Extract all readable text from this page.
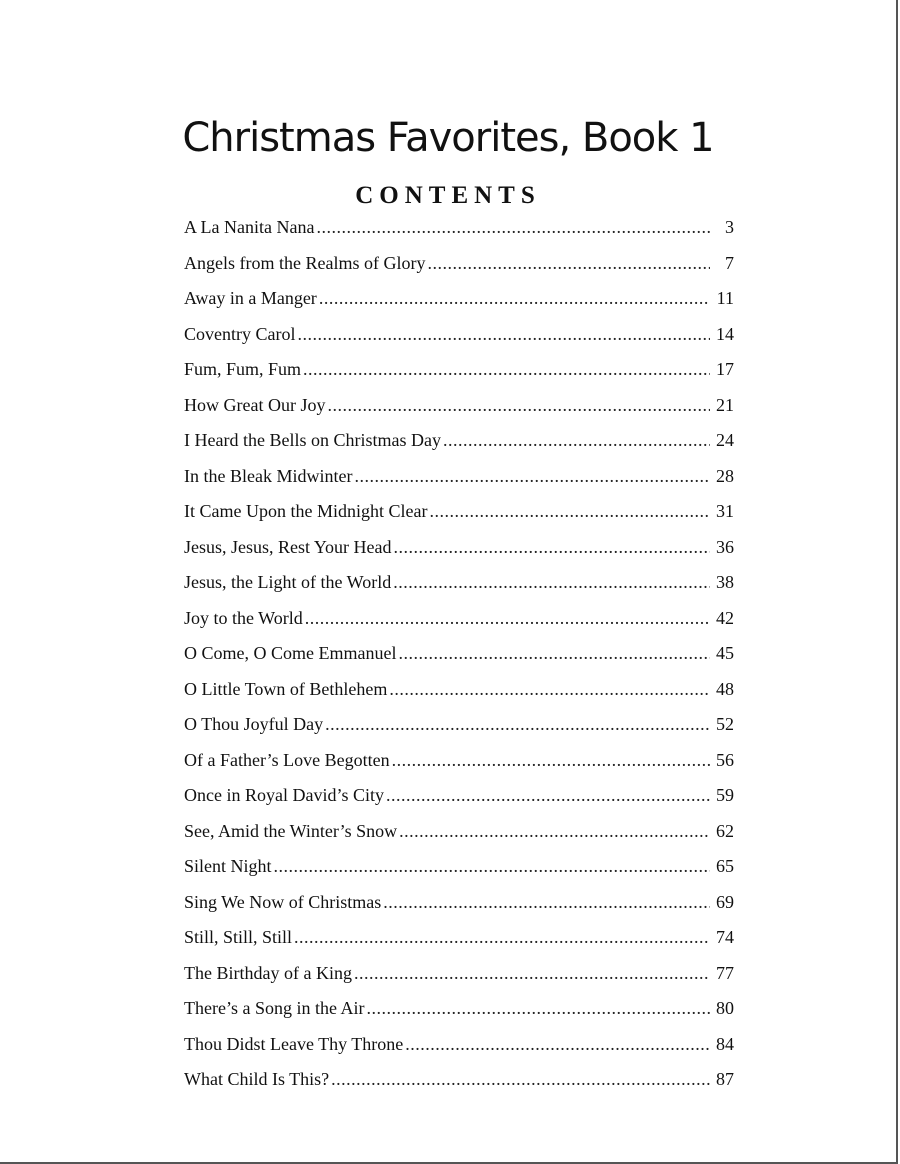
Christmas Favorites, Book 1
CONTENTS
A La Nanita Nana .....	3
Angels from the Realms of Glory .....	7
Away in a Manger .....	11
Coventry Carol .....	14
Fum, Fum, Fum .....	17
How Great Our Joy .....	21
I Heard the Bells on Christmas Day .....	24
In the Bleak Midwinter .....	28
It Came Upon the Midnight Clear .....	31
Jesus, Jesus, Rest Your Head .....	36
Jesus, the Light of the World .....	38
Joy to the World .....	42
O Come, O Come Emmanuel .....	45
O Little Town of Bethlehem .....	48
O Thou Joyful Day .....	52
Of a Father’s Love Begotten .....	56
Once in Royal David’s City .....	59
See, Amid the Winter’s Snow .....	62
Silent Night .....	65
Sing We Now of Christmas .....	69
Still, Still, Still .....	74
The Birthday of a King .....	77
There’s a Song in the Air .....	80
Thou Didst Leave Thy Throne .....	84
What Child Is This? .....	87
